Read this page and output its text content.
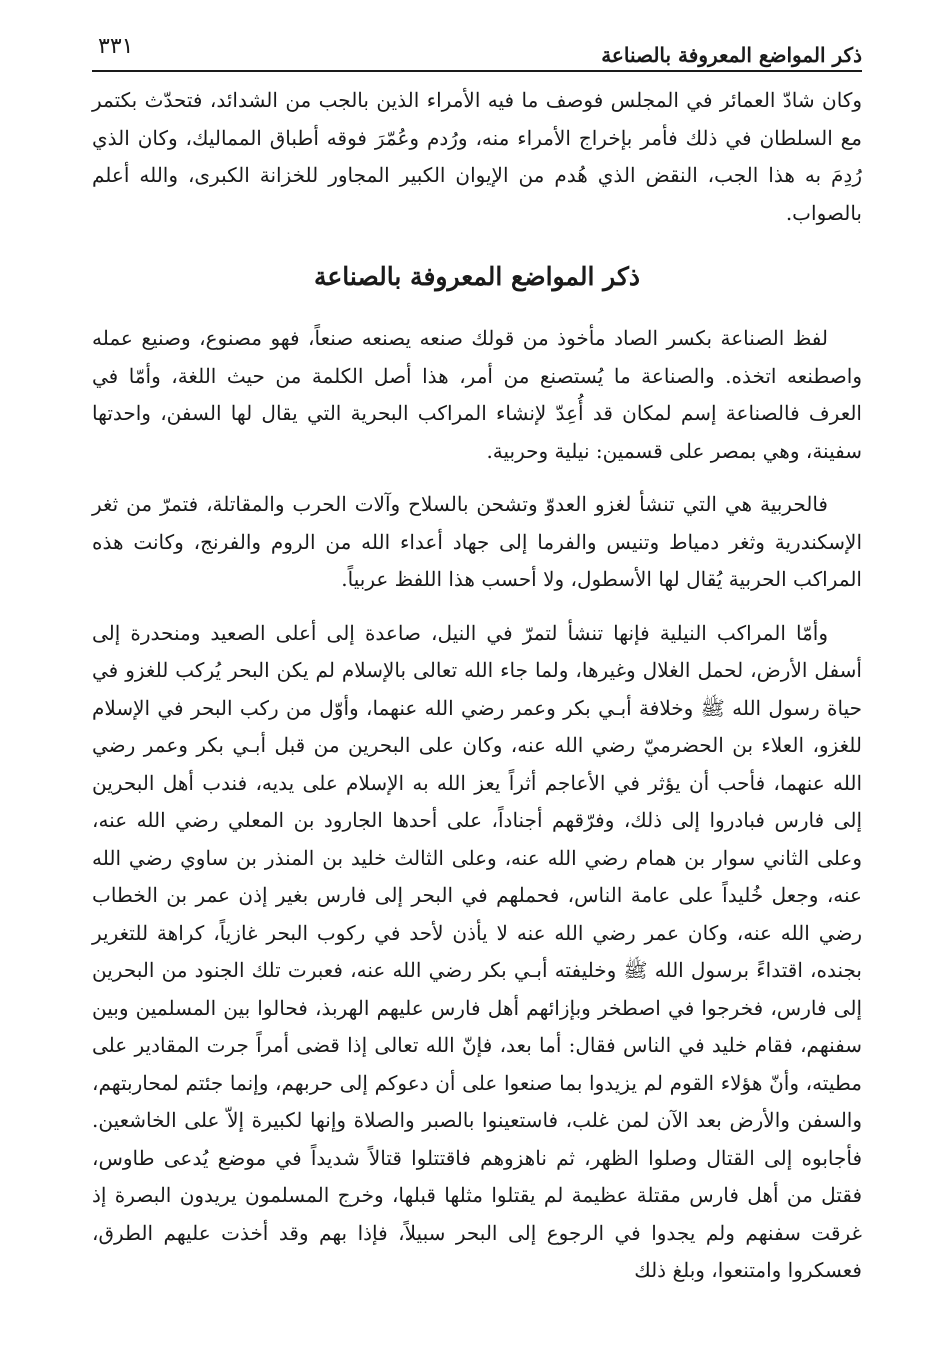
ذكر المواضع المعروفة بالصناعة
٣٣١

وكان شادّ العمائر في المجلس فوصف ما فيه الأمراء الذين بالجب من الشدائد، فتحدّث بكتمر مع السلطان في ذلك فأمر بإخراج الأمراء منه، ورُدم وعُمّرَ فوقه أطباق المماليك، وكان الذي رُدِمَ به هذا الجب، النقض الذي هُدم من الإيوان الكبير المجاور للخزانة الكبرى، والله أعلم بالصواب.

ذكر المواضع المعروفة بالصناعة

لفظ الصناعة بكسر الصاد مأخوذ من قولك صنعه يصنعه صنعاً، فهو مصنوع، وصنيع عمله واصطنعه اتخذه. والصناعة ما يُستصنع من أمر، هذا أصل الكلمة من حيث اللغة، وأمّا في العرف فالصناعة إسم لمكان قد أُعِدّ لإنشاء المراكب البحرية التي يقال لها السفن، واحدتها سفينة، وهي بمصر على قسمين: نيلية وحربية.

فالحربية هي التي تنشأ لغزو العدوّ وتشحن بالسلاح وآلات الحرب والمقاتلة، فتمرّ من ثغر الإسكندرية وثغر دمياط وتنيس والفرما إلى جهاد أعداء الله من الروم والفرنج، وكانت هذه المراكب الحربية يُقال لها الأسطول، ولا أحسب هذا اللفظ عربياً.

وأمّا المراكب النيلية فإنها تنشأ لتمرّ في النيل، صاعدة إلى أعلى الصعيد ومنحدرة إلى أسفل الأرض، لحمل الغلال وغيرها، ولما جاء الله تعالى بالإسلام لم يكن البحر يُركب للغزو في حياة رسول الله ﷺ وخلافة أبـي بكر وعمر رضي الله عنهما، وأوّل من ركب البحر في الإسلام للغزو، العلاء بن الحضرميّ رضي الله عنه، وكان على البحرين من قبل أبـي بكر وعمر رضي الله عنهما، فأحب أن يؤثر في الأعاجم أثراً يعز الله به الإسلام على يديه، فندب أهل البحرين إلى فارس فبادروا إلى ذلك، وفرّقهم أجناداً، على أحدها الجارود بن المعلي رضي الله عنه، وعلى الثاني سوار بن همام رضي الله عنه، وعلى الثالث خليد بن المنذر بن ساوي رضي الله عنه، وجعل خُليداً على عامة الناس، فحملهم في البحر إلى فارس بغير إذن عمر بن الخطاب رضي الله عنه، وكان عمر رضي الله عنه لا يأذن لأحد في ركوب البحر غازياً، كراهة للتغرير بجنده، اقتداءً برسول الله ﷺ وخليفته أبـي بكر رضي الله عنه، فعبرت تلك الجنود من البحرين إلى فارس، فخرجوا في اصطخر وبإزائهم أهل فارس عليهم الهربذ، فحالوا بين المسلمين وبين سفنهم، فقام خليد في الناس فقال: أما بعد، فإنّ الله تعالى إذا قضى أمراً جرت المقادير على مطيته، وأنّ هؤلاء القوم لم يزيدوا بما صنعوا على أن دعوكم إلى حربهم، وإنما جئتم لمحاربتهم، والسفن والأرض بعد الآن لمن غلب، فاستعينوا بالصبر والصلاة وإنها لكبيرة إلاّ على الخاشعين. فأجابوه إلى القتال وصلوا الظهر، ثم ناهزوهم فاقتتلوا قتالاً شديداً في موضع يُدعى طاوس، فقتل من أهل فارس مقتلة عظيمة لم يقتلوا مثلها قبلها، وخرج المسلمون يريدون البصرة إذ غرقت سفنهم ولم يجدوا في الرجوع إلى البحر سبيلاً، فإذا بهم وقد أخذت عليهم الطرق، فعسكروا وامتنعوا، وبلغ ذلك
